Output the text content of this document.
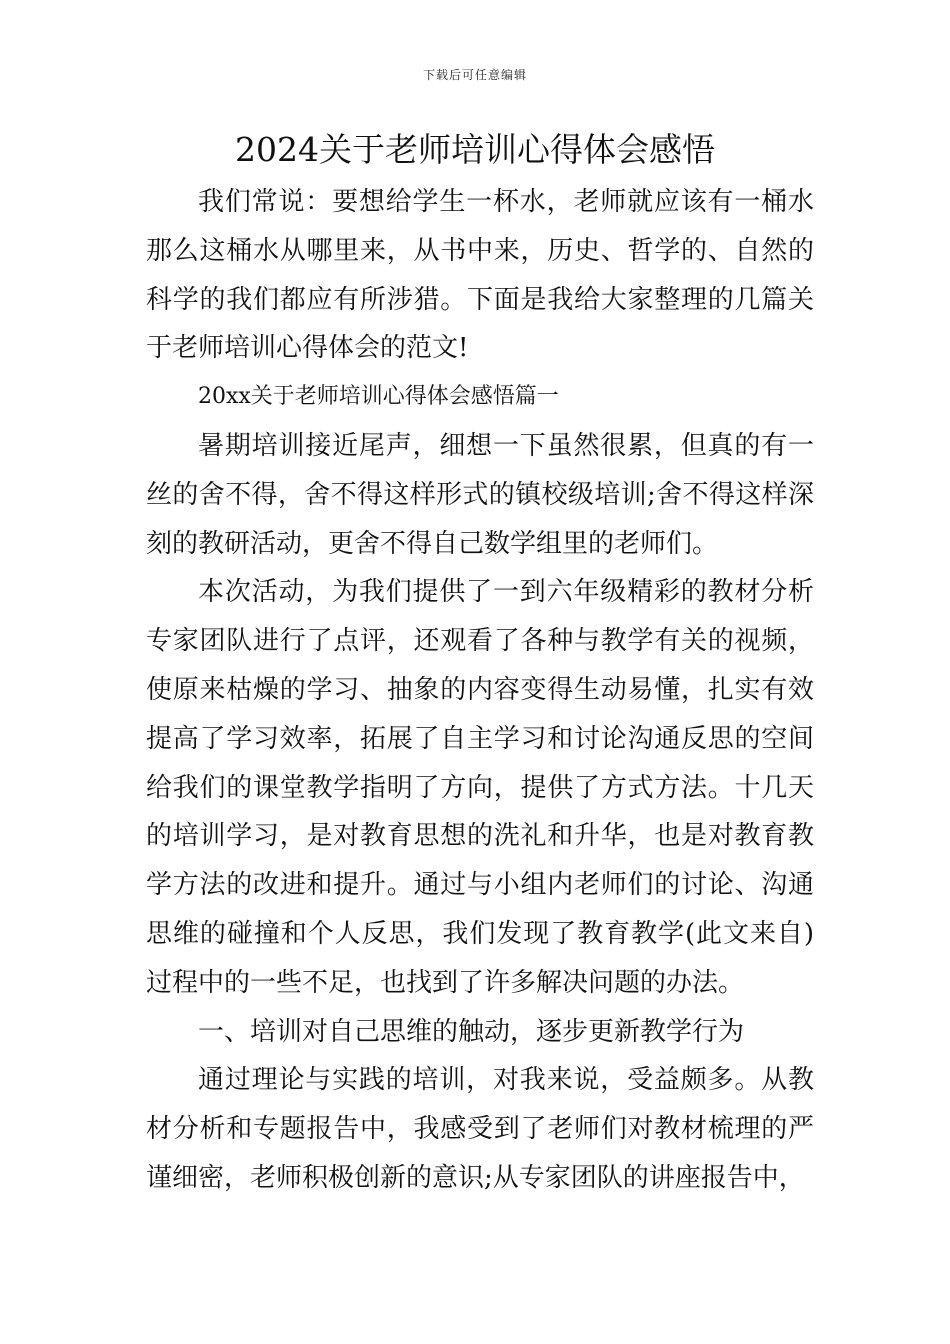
下载后可任意编辑
2024关于老师培训心得体会感悟

我们常说：要想给学生一杯水，老师就应该有一桶水那么这桶水从哪里来，从书中来，历史、哲学的、自然的科学的我们都应有所涉猎。下面是我给大家整理的几篇关于老师培训心得体会的范文!

20xx关于老师培训心得体会感悟篇一

暑期培训接近尾声，细想一下虽然很累，但真的有一丝的舍不得，舍不得这样形式的镇校级培训;舍不得这样深刻的教研活动，更舍不得自己数学组里的老师们。

本次活动，为我们提供了一到六年级精彩的教材分析专家团队进行了点评，还观看了各种与教学有关的视频，使原来枯燥的学习、抽象的内容变得生动易懂，扎实有效提高了学习效率，拓展了自主学习和讨论沟通反思的空间给我们的课堂教学指明了方向，提供了方式方法。十几天的培训学习，是对教育思想的洗礼和升华，也是对教育教学方法的改进和提升。通过与小组内老师们的讨论、沟通思维的碰撞和个人反思，我们发现了教育教学(此文来自)过程中的一些不足，也找到了许多解决问题的办法。

一、培训对自己思维的触动，逐步更新教学行为

通过理论与实践的培训，对我来说，受益颇多。从教材分析和专题报告中，我感受到了老师们对教材梳理的严谨细密，老师积极创新的意识;从专家团队的讲座报告中，
